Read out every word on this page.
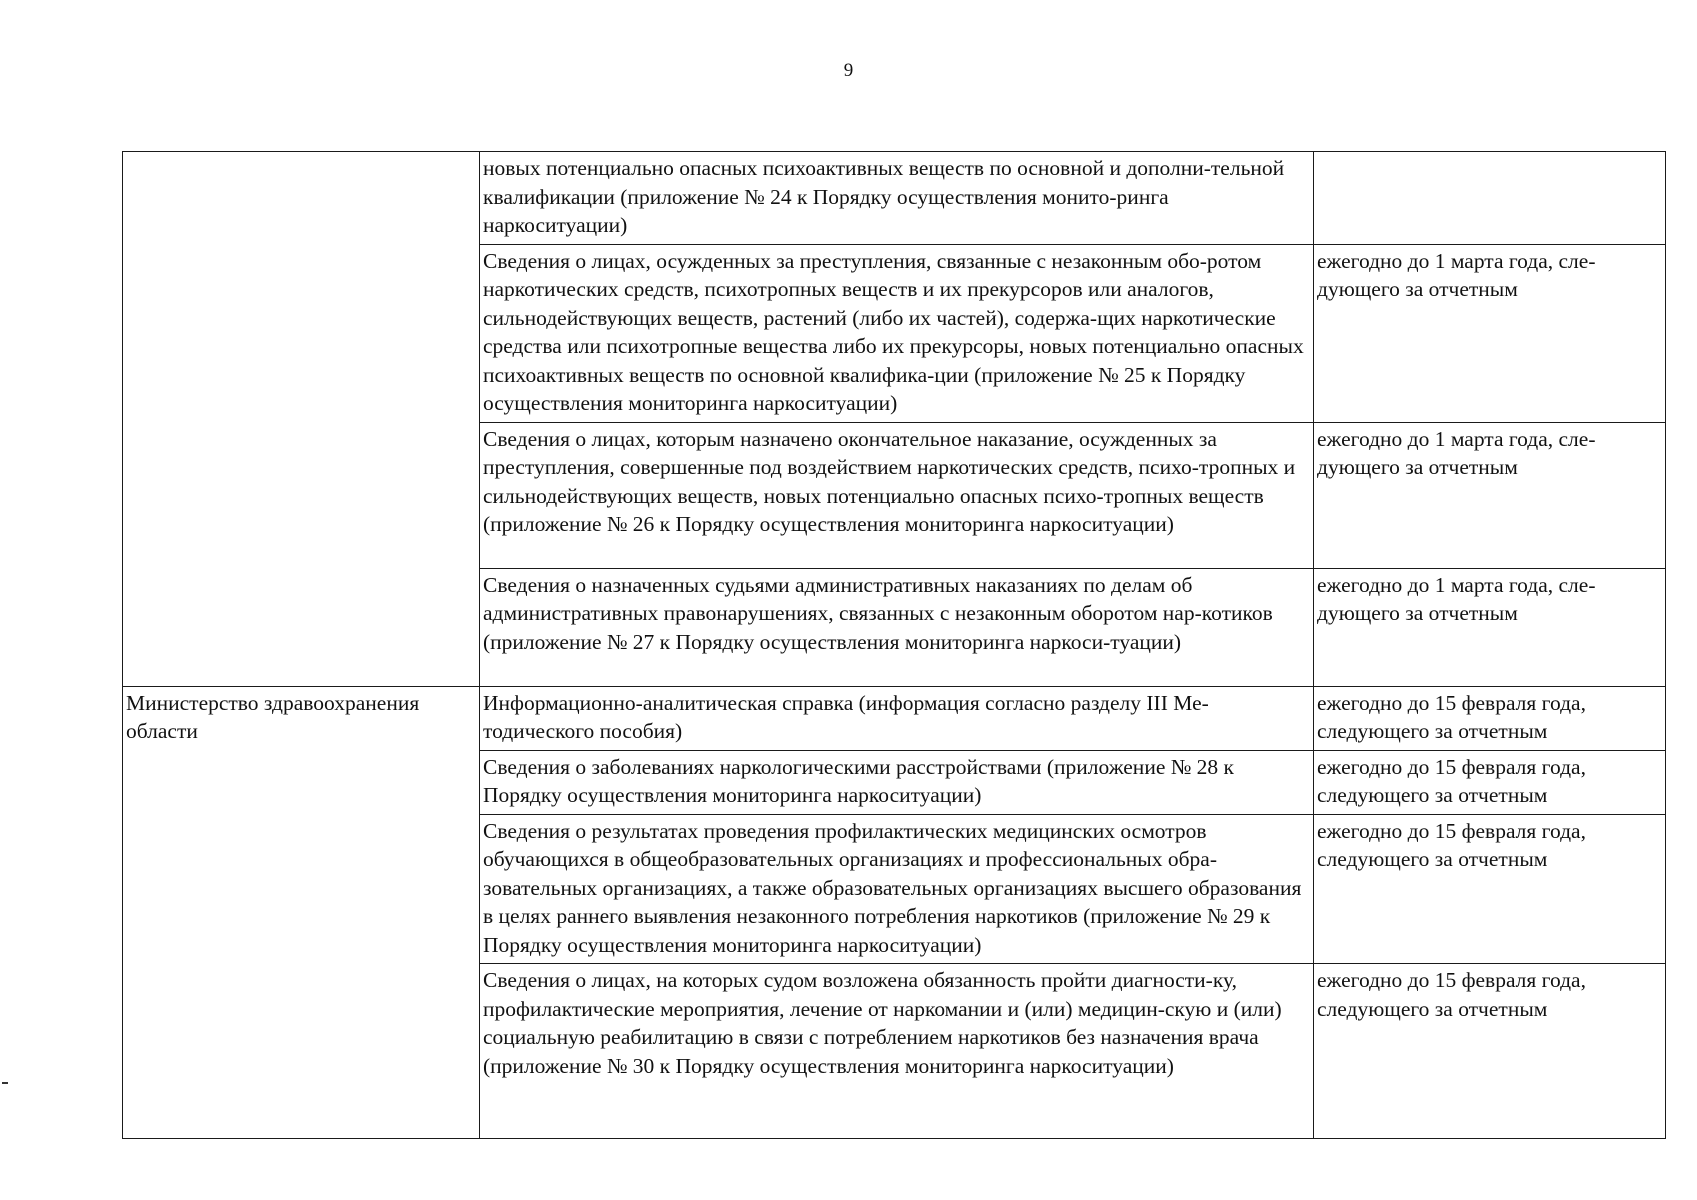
9

	новых потенциально опасных психоактивных веществ по основной и дополни-тельной квалификации (приложение № 24 к Порядку осуществления монито-ринга наркоситуации)	

	Сведения о лицах, осужденных за преступления, связанные с незаконным обо-ротом наркотических средств, психотропных веществ и их прекурсоров или аналогов, сильнодействующих веществ, растений (либо их частей), содержа-щих наркотические средства или психотропные вещества либо их прекурсоры, новых потенциально опасных психоактивных веществ по основной квалифика-ции (приложение № 25 к Порядку осуществления мониторинга наркоситуации)	ежегодно до 1 марта года, сле-дующего за отчетным

	Сведения о лицах, которым назначено окончательное наказание, осужденных за преступления, совершенные под воздействием наркотических средств, психо-тропных и сильнодействующих веществ, новых потенциально опасных психо-тропных веществ (приложение № 26 к Порядку осуществления мониторинга наркоситуации)	ежегодно до 1 марта года, сле-дующего за отчетным

	Сведения о назначенных судьями административных наказаниях по делам об административных правонарушениях, связанных с незаконным оборотом нар-котиков (приложение № 27 к Порядку осуществления мониторинга наркоси-туации)	ежегодно до 1 марта года, сле-дующего за отчетным

Министерство здравоохранения области	Информационно-аналитическая справка (информация согласно разделу III Ме-тодического пособия)	ежегодно до 15 февраля года, следующего за отчетным

	Сведения о заболеваниях наркологическими расстройствами (приложение № 28 к Порядку осуществления мониторинга наркоситуации)	ежегодно до 15 февраля года, следующего за отчетным

	Сведения о результатах проведения профилактических медицинских осмотров обучающихся в общеобразовательных организациях и профессиональных обра-зовательных организациях, а также образовательных организациях высшего образования в целях раннего выявления незаконного потребления наркотиков (приложение № 29 к Порядку осуществления мониторинга наркоситуации)	ежегодно до 15 февраля года, следующего за отчетным

	Сведения о лицах, на которых судом возложена обязанность пройти диагности-ку, профилактические мероприятия, лечение от наркомании и (или) медицин-скую и (или) социальную реабилитацию в связи с потреблением наркотиков без назначения врача (приложение № 30 к Порядку осуществления мониторинга наркоситуации)	ежегодно до 15 февраля года, следующего за отчетным
